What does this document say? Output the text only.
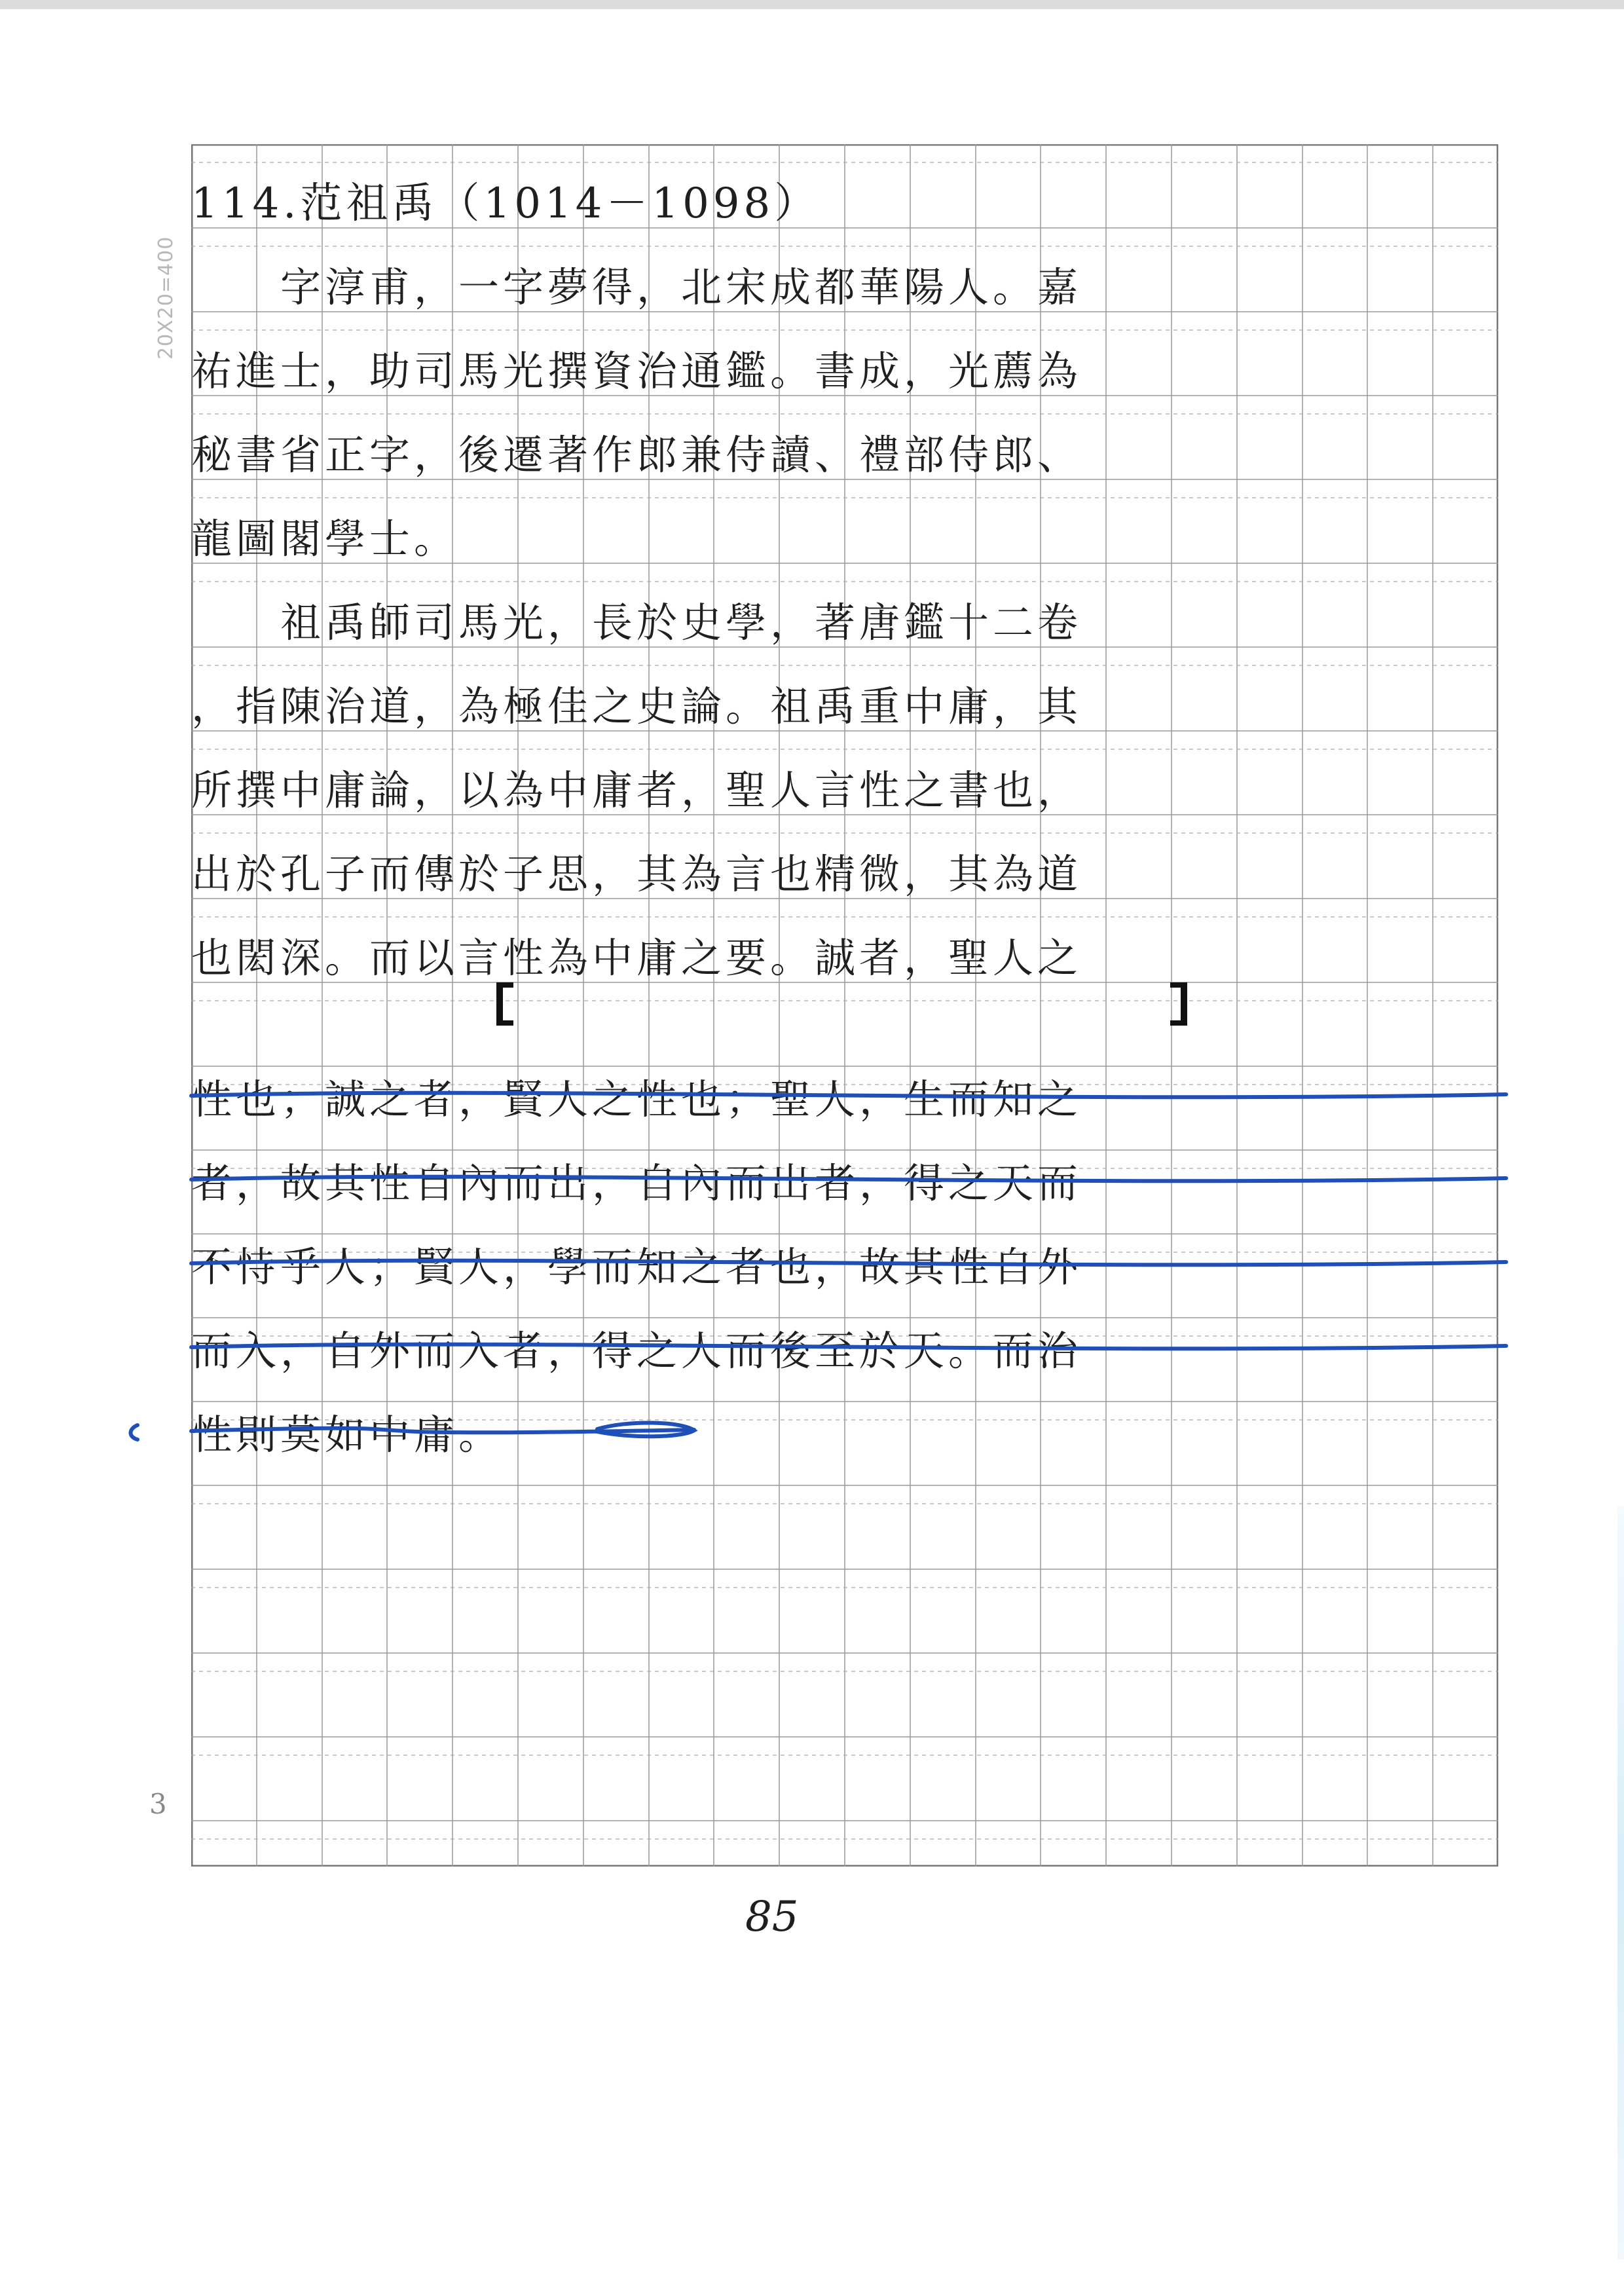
20X20=400
3
114.范祖禹（1014－1098）
　　字淳甫，一字夢得，北宋成都華陽人。嘉
祐進士，助司馬光撰資治通鑑。書成，光薦為
秘書省正字，後遷著作郎兼侍讀、禮部侍郎、
龍圖閣學士。
　　祖禹師司馬光，長於史學，著唐鑑十二卷
，指陳治道，為極佳之史論。祖禹重中庸，其
所撰中庸論，以為中庸者，聖人言性之書也，
出於孔子而傳於子思，其為言也精微，其為道
也閎深。而以言性為中庸之要。誠者，聖人之
性也；誠之者，賢人之性也；聖人，生而知之
者，故其性自內而出，自內而出者，得之天而
不恃乎人；賢人，學而知之者也，故其性自外
而入，自外而入者，得之人而後至於天。而治
性則莫如中庸。
85
